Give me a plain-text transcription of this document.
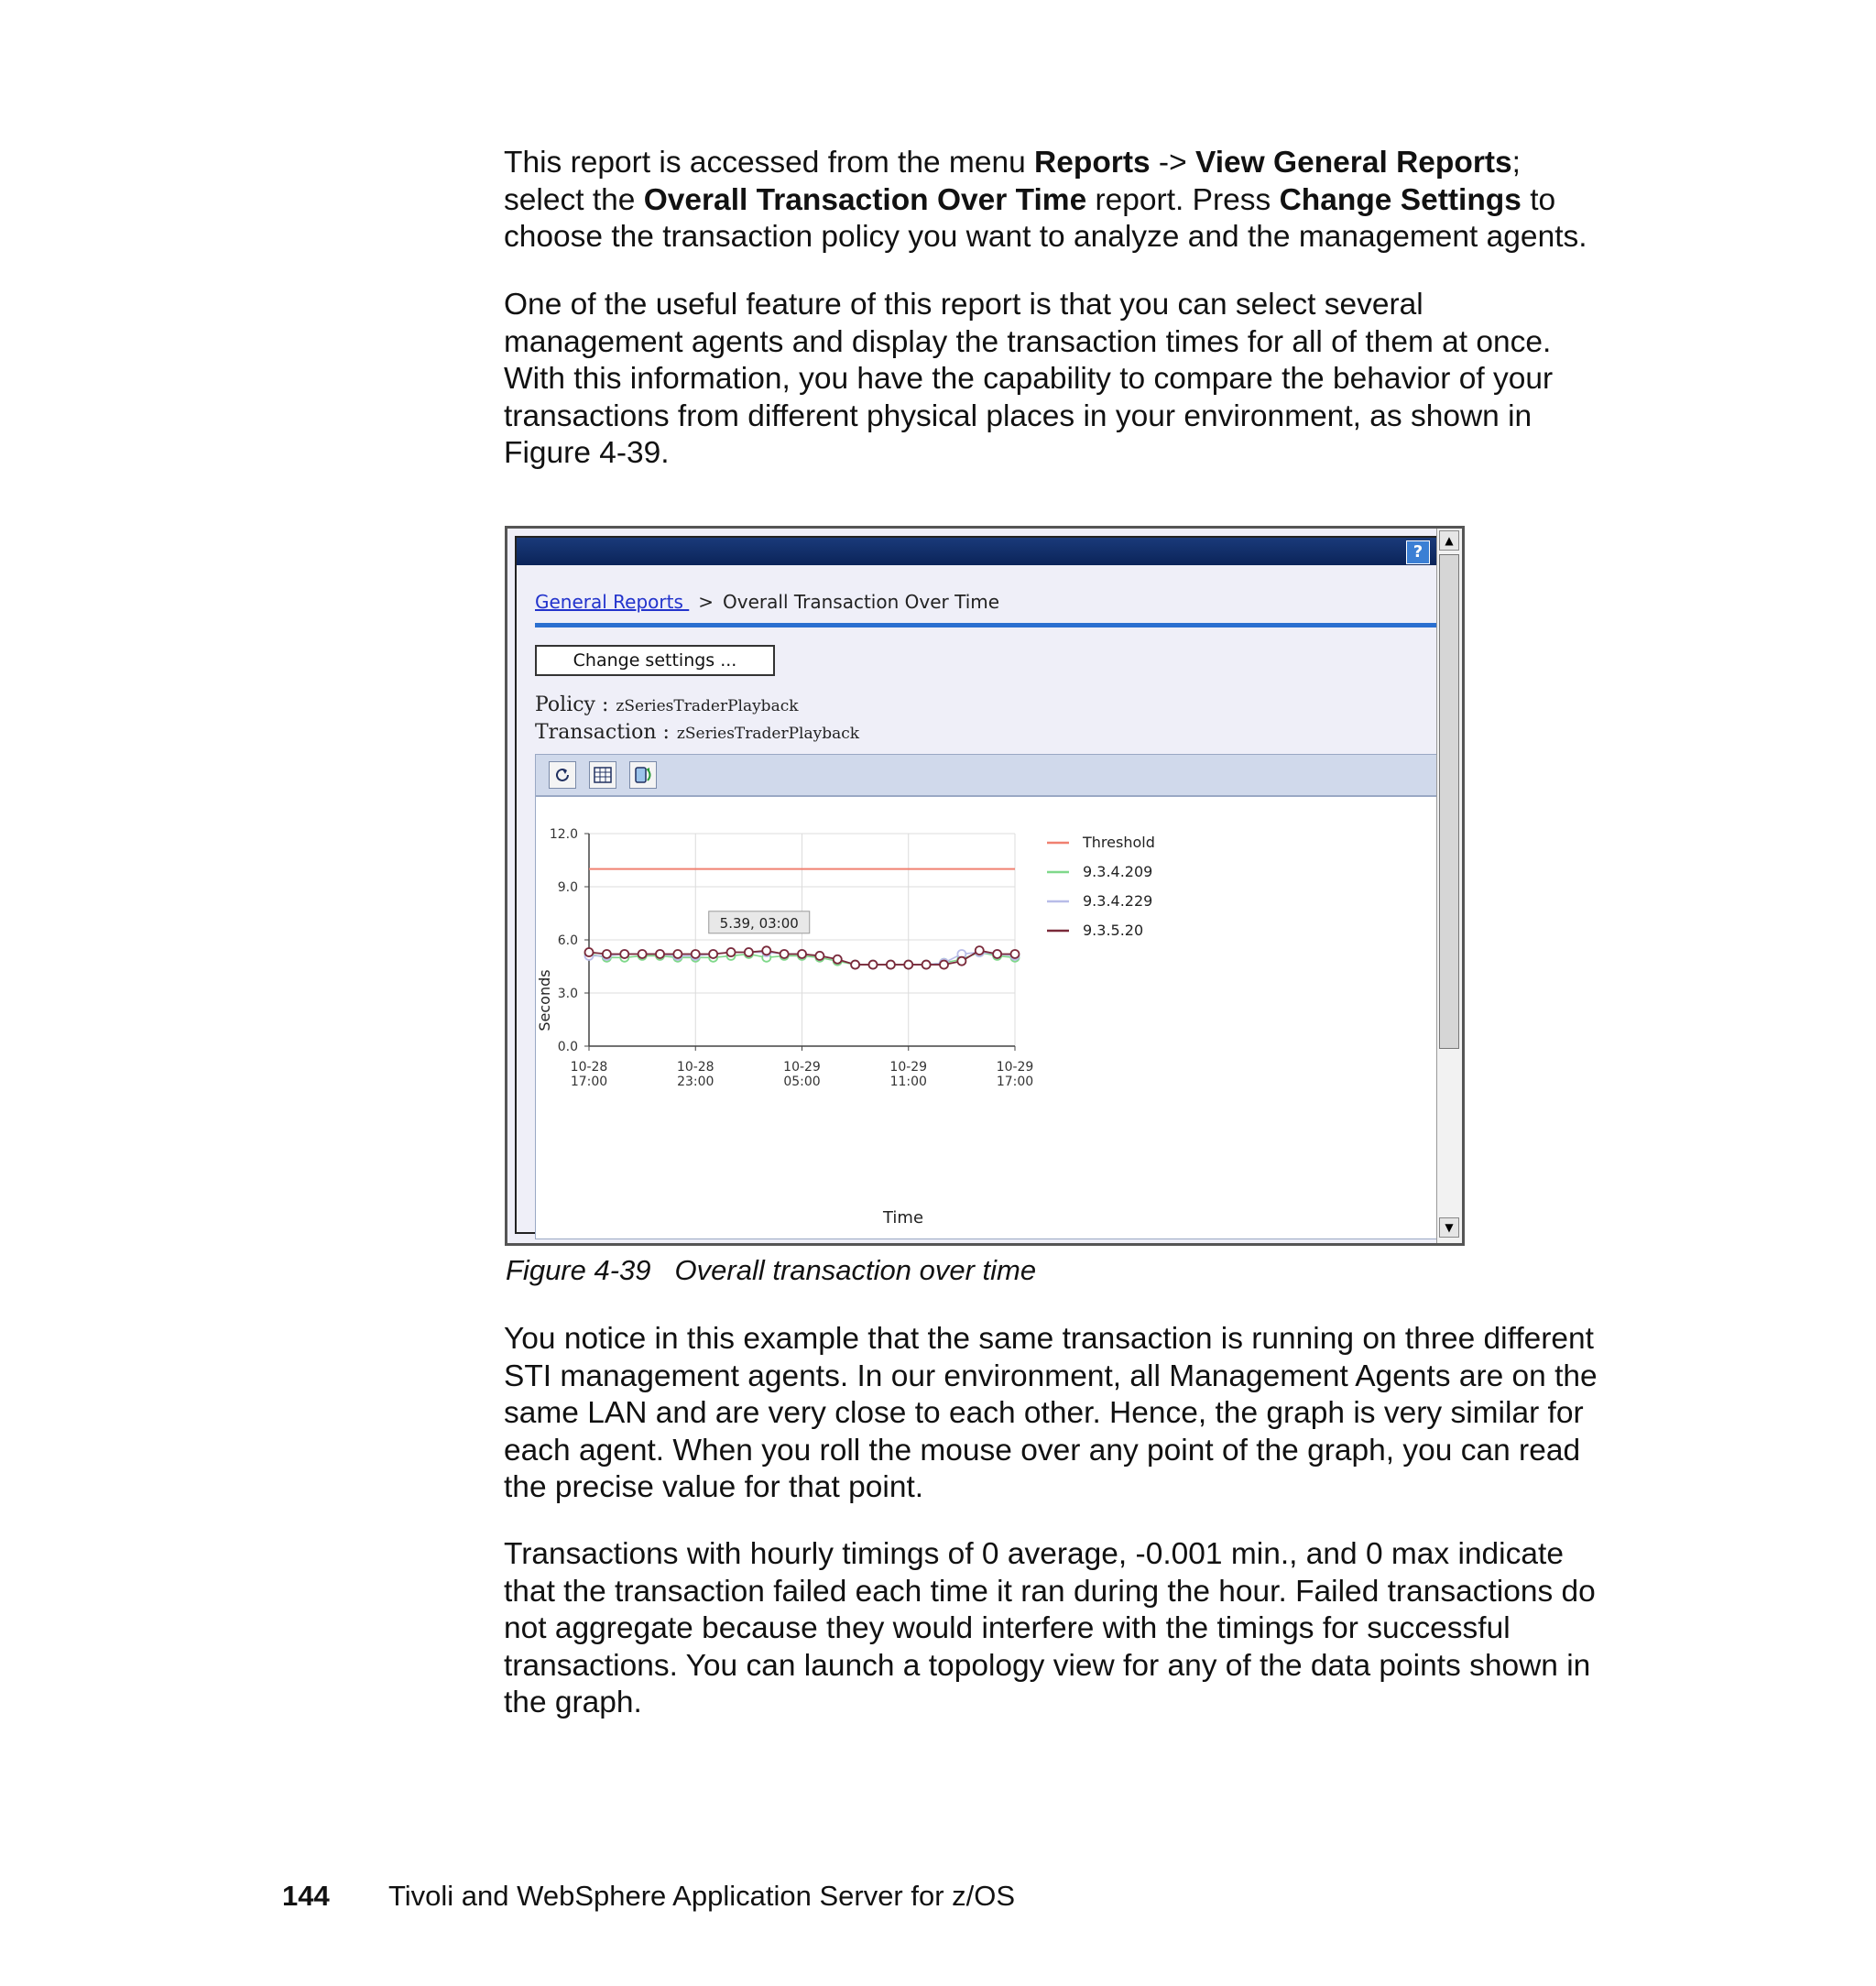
This report is accessed from the menu Reports -> View General Reports;
select the Overall Transaction Over Time report. Press Change Settings to
choose the transaction policy you want to analyze and the management agents.
One of the useful feature of this report is that you can select several
management agents and display the transaction times for all of them at once.
With this information, you have the capability to compare the behavior of your
transactions from different physical places in your environment, as shown in
Figure 4-39.
?
General Reports > Overall Transaction Over Time
Change settings ...
Policy : zSeriesTraderPlayback
Transaction : zSeriesTraderPlayback
Seconds
Time
0.0
3.0
6.0
9.0
12.0
10-28
17:00
10-28
23:00
10-29
05:00
10-29
11:00
10-29
17:00
Threshold
9.3.4.209
9.3.4.229
9.3.5.20
5.39, 03:00
▲
▼
Figure 4-39 Overall transaction over time
You notice in this example that the same transaction is running on three different
STI management agents. In our environment, all Management Agents are on the
same LAN and are very close to each other. Hence, the graph is very similar for
each agent. When you roll the mouse over any point of the graph, you can read
the precise value for that point.
Transactions with hourly timings of 0 average, -0.001 min., and 0 max indicate
that the transaction failed each time it ran during the hour. Failed transactions do
not aggregate because they would interfere with the timings for successful
transactions. You can launch a topology view for any of the data points shown in
the graph.
144 Tivoli and WebSphere Application Server for z/OS
